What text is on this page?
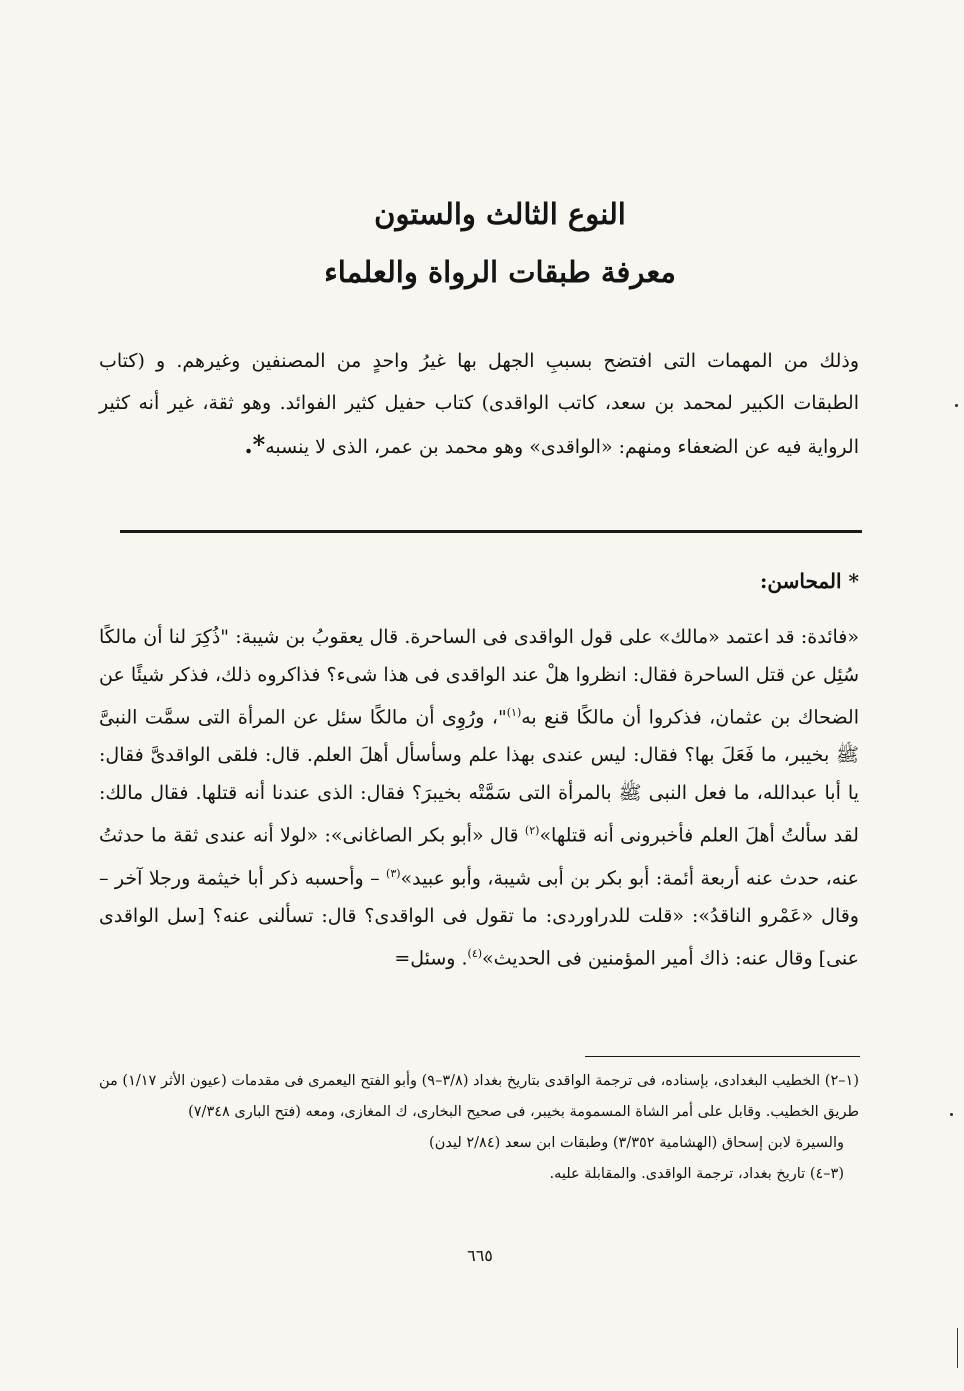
النوع الثالث والستون
معرفة طبقات الرواة والعلماء

وذلك من المهمات التى افتضح بسببِ الجهل بها غيرُ واحدٍ من المصنفين وغيرهم. و (كتاب الطبقات الكبير لمحمد بن سعد، كاتب الواقدى) كتاب حفيل كثير الفوائد. وهو ثقة، غير أنه كثير الرواية فيه عن الضعفاء ومنهم: «الواقدى» وهو محمد بن عمر، الذى لا ينسبه*.

* المحاسن:
«فائدة: قد اعتمد «مالك» على قول الواقدى فى الساحرة. قال يعقوبُ بن شيبة: "ذُكِرَ لنا أن مالكًا سُئِل عن قتل الساحرة فقال: انظروا هلْ عند الواقدى فى هذا شىء؟ فذاكروه ذلك، فذكر شيئًا عن الضحاك بن عثمان، فذكروا أن مالكًا قنع به$^{(١)}$"، ورُوِى أن مالكًا سئل عن المرأة التى سمَّت النبىَّ ﷺ بخيبر، ما فَعَلَ بها؟ فقال: ليس عندى بهذا علم وسأسأل أهلَ العلم. قال: فلقى الواقدىَّ فقال: يا أبا عبدالله، ما فعل النبى ﷺ بالمرأة التى سَمَّتْه بخيبرَ؟ فقال: الذى عندنا أنه قتلها. فقال مالك: لقد سألتُ أهلَ العلم فأخبرونى أنه قتلها»$^{(٢)}$ قال «أبو بكر الصاغانى»: «لولا أنه عندى ثقة ما حدثتُ عنه، حدث عنه أربعة أئمة: أبو بكر بن أبى شيبة، وأبو عبيد»$^{(٣)}$ – وأحسبه ذكر أبا خيثمة ورجلا آخر – وقال «عَمْرو الناقدُ»: «قلت للدراوردى: ما تقول فى الواقدى؟ قال: تسألنى عنه؟ [سل الواقدى عنى] وقال عنه: ذاك أمير المؤمنين فى الحديث»$^{(٤)}$. وسئل=

(١–٢) الخطيب البغدادى، بإسناده، فى ترجمة الواقدى بتاريخ بغداد (٣/٨–٩) وأبو الفتح اليعمرى فى مقدمات (عيون الأثر ١/١٧) من طريق الخطيب. وقابل على أمر الشاة المسمومة بخيبر، فى صحيح البخارى، ك المغازى، ومعه (فتح البارى ٧/٣٤٨)

والسيرة لابن إسحاق (الهشامية ٣/٣٥٢) وطبقات ابن سعد (٢/٨٤ ليدن)

(٣–٤) تاريخ بغداد، ترجمة الواقدى. والمقابلة عليه.

٦٦٥
